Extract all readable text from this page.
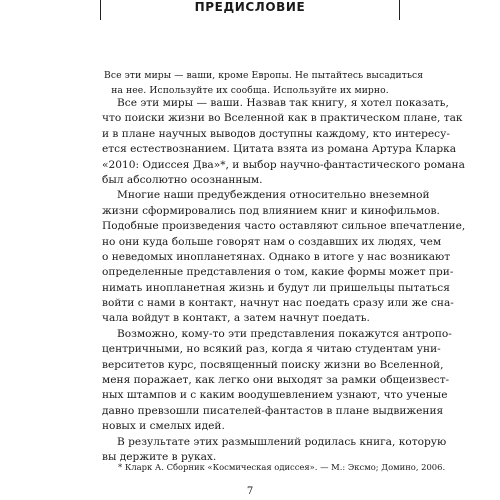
ПРЕДИСЛОВИЕ
Все эти миры — ваши, кроме Европы. Не пытайтесь высадиться
на нее. Используйте их сообща. Используйте их мирно.
Все эти миры — ваши. Назвав так книгу, я хотел показать,
что поиски жизни во Вселенной как в практическом плане, так
и в плане научных выводов доступны каждому, кто интересу-
ется естествознанием. Цитата взята из романа Артура Кларка
«2010: Одиссея Два»*, и выбор научно-фантастического романа
был абсолютно осознанным.
Многие наши предубеждения относительно внеземной
жизни сформировались под влиянием книг и кинофильмов.
Подобные произведения часто оставляют сильное впечатление,
но они куда больше говорят нам о создавших их людях, чем
о неведомых инопланетянах. Однако в итоге у нас возникают
определенные представления о том, какие формы может при-
нимать инопланетная жизнь и будут ли пришельцы пытаться
войти с нами в контакт, начнут нас поедать сразу или же сна-
чала войдут в контакт, а затем начнут поедать.
Возможно, кому-то эти представления покажутся антропо-
центричными, но всякий раз, когда я читаю студентам уни-
верситетов курс, посвященный поиску жизни во Вселенной,
меня поражает, как легко они выходят за рамки общеизвест-
ных штампов и с каким воодушевлением узнают, что ученые
давно превзошли писателей-фантастов в плане выдвижения
новых и смелых идей.
В результате этих размышлений родилась книга, которую
вы держите в руках.
* Кларк А. Сборник «Космическая одиссея». — М.: Эксмо; Домино, 2006.
7
